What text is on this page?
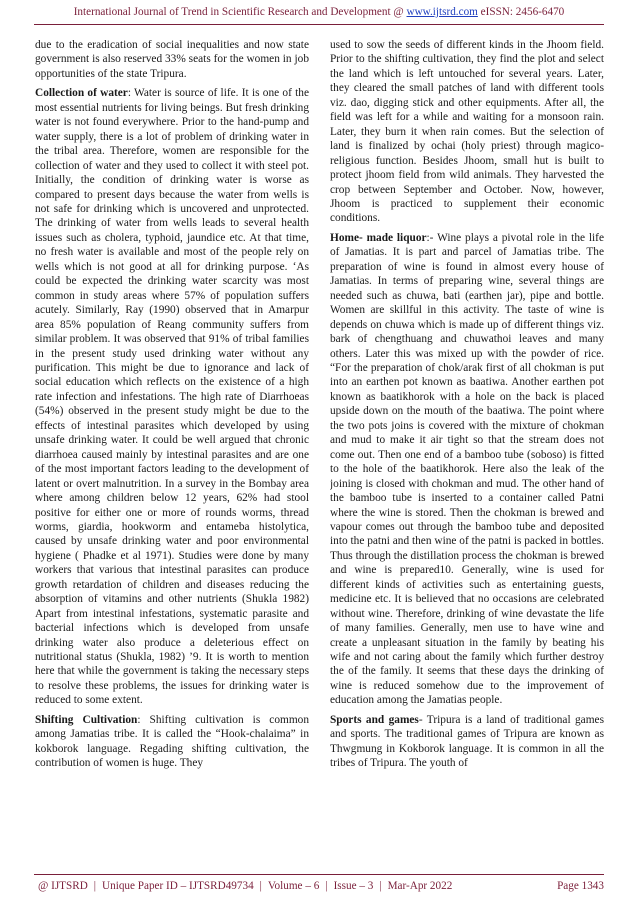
International Journal of Trend in Scientific Research and Development @ www.ijtsrd.com eISSN: 2456-6470

due to the eradication of social inequalities and now state government is also reserved 33% seats for the women in job opportunities of the state Tripura.

Collection of water: Water is source of life. It is one of the most essential nutrients for living beings. But fresh drinking water is not found everywhere. Prior to the hand-pump and water supply, there is a lot of problem of drinking water in the tribal area. Therefore, women are responsible for the collection of water and they used to collect it with steel pot. Initially, the condition of drinking water is worse as compared to present days because the water from wells is not safe for drinking which is uncovered and unprotected. The drinking of water from wells leads to several health issues such as cholera, typhoid, jaundice etc. At that time, no fresh water is available and most of the people rely on wells which is not good at all for drinking purpose. ‘As could be expected the drinking water scarcity was most common in study areas where 57% of population suffers acutely. Similarly, Ray (1990) observed that in Amarpur area 85% population of Reang community suffers from similar problem. It was observed that 91% of tribal families in the present study used drinking water without any purification. This might be due to ignorance and lack of social education which reflects on the existence of a high rate infection and infestations. The high rate of Diarrhoeas (54%) observed in the present study might be due to the effects of intestinal parasites which developed by using unsafe drinking water. It could be well argued that chronic diarrhoea caused mainly by intestinal parasites and are one of the most important factors leading to the development of latent or overt malnutrition. In a survey in the Bombay area where among children below 12 years, 62% had stool positive for either one or more of rounds worms, thread worms, giardia, hookworm and entameba histolytica, caused by unsafe drinking water and poor environmental hygiene ( Phadke et al 1971). Studies were done by many workers that various that intestinal parasites can produce growth retardation of children and diseases reducing the absorption of vitamins and other nutrients (Shukla 1982) Apart from intestinal infestations, systematic parasite and bacterial infections which is developed from unsafe drinking water also produce a deleterious effect on nutritional status (Shukla, 1982) ’9. It is worth to mention here that while the government is taking the necessary steps to resolve these problems, the issues for drinking water is reduced to some extent.

Shifting Cultivation: Shifting cultivation is common among Jamatias tribe. It is called the “Hook-chalaima” in kokborok language. Regading shifting cultivation, the contribution of women is huge. They

used to sow the seeds of different kinds in the Jhoom field. Prior to the shifting cultivation, they find the plot and select the land which is left untouched for several years. Later, they cleared the small patches of land with different tools viz. dao, digging stick and other equipments. After all, the field was left for a while and waiting for a monsoon rain. Later, they burn it when rain comes. But the selection of land is finalized by ochai (holy priest) through magico-religious function. Besides Jhoom, small hut is built to protect jhoom field from wild animals. They harvested the crop between September and October. Now, however, Jhoom is practiced to supplement their economic conditions.

Home- made liquor:- Wine plays a pivotal role in the life of Jamatias. It is part and parcel of Jamatias tribe. The preparation of wine is found in almost every house of Jamatias. In terms of preparing wine, several things are needed such as chuwa, bati (earthen jar), pipe and bottle. Women are skillful in this activity. The taste of wine is depends on chuwa which is made up of different things viz. bark of chengthuang and chuwathoi leaves and many others. Later this was mixed up with the powder of rice. “For the preparation of chok/arak first of all chokman is put into an earthen pot known as baatiwa. Another earthen pot known as baatikhorok with a hole on the back is placed upside down on the mouth of the baatiwa. The point where the two pots joins is covered with the mixture of chokman and mud to make it air tight so that the stream does not come out. Then one end of a bamboo tube (soboso) is fitted to the hole of the baatikhorok. Here also the leak of the joining is closed with chokman and mud. The other hand of the bamboo tube is inserted to a container called Patni where the wine is stored. Then the chokman is brewed and vapour comes out through the bamboo tube and deposited into the patni and then wine of the patni is packed in bottles. Thus through the distillation process the chokman is brewed and wine is prepared10. Generally, wine is used for different kinds of activities such as entertaining guests, medicine etc. It is believed that no occasions are celebrated without wine. Therefore, drinking of wine devastate the life of many families. Generally, men use to have wine and create a unpleasant situation in the family by beating his wife and not caring about the family which further destroy the of the family. It seems that these days the drinking of wine is reduced somehow due to the improvement of education among the Jamatias people.

Sports and games- Tripura is a land of traditional games and sports. The traditional games of Tripura are known as Thwgmung in Kokborok language. It is common in all the tribes of Tripura. The youth of

@ IJTSRD | Unique Paper ID – IJTSRD49734 | Volume – 6 | Issue – 3 | Mar-Apr 2022	Page 1343
